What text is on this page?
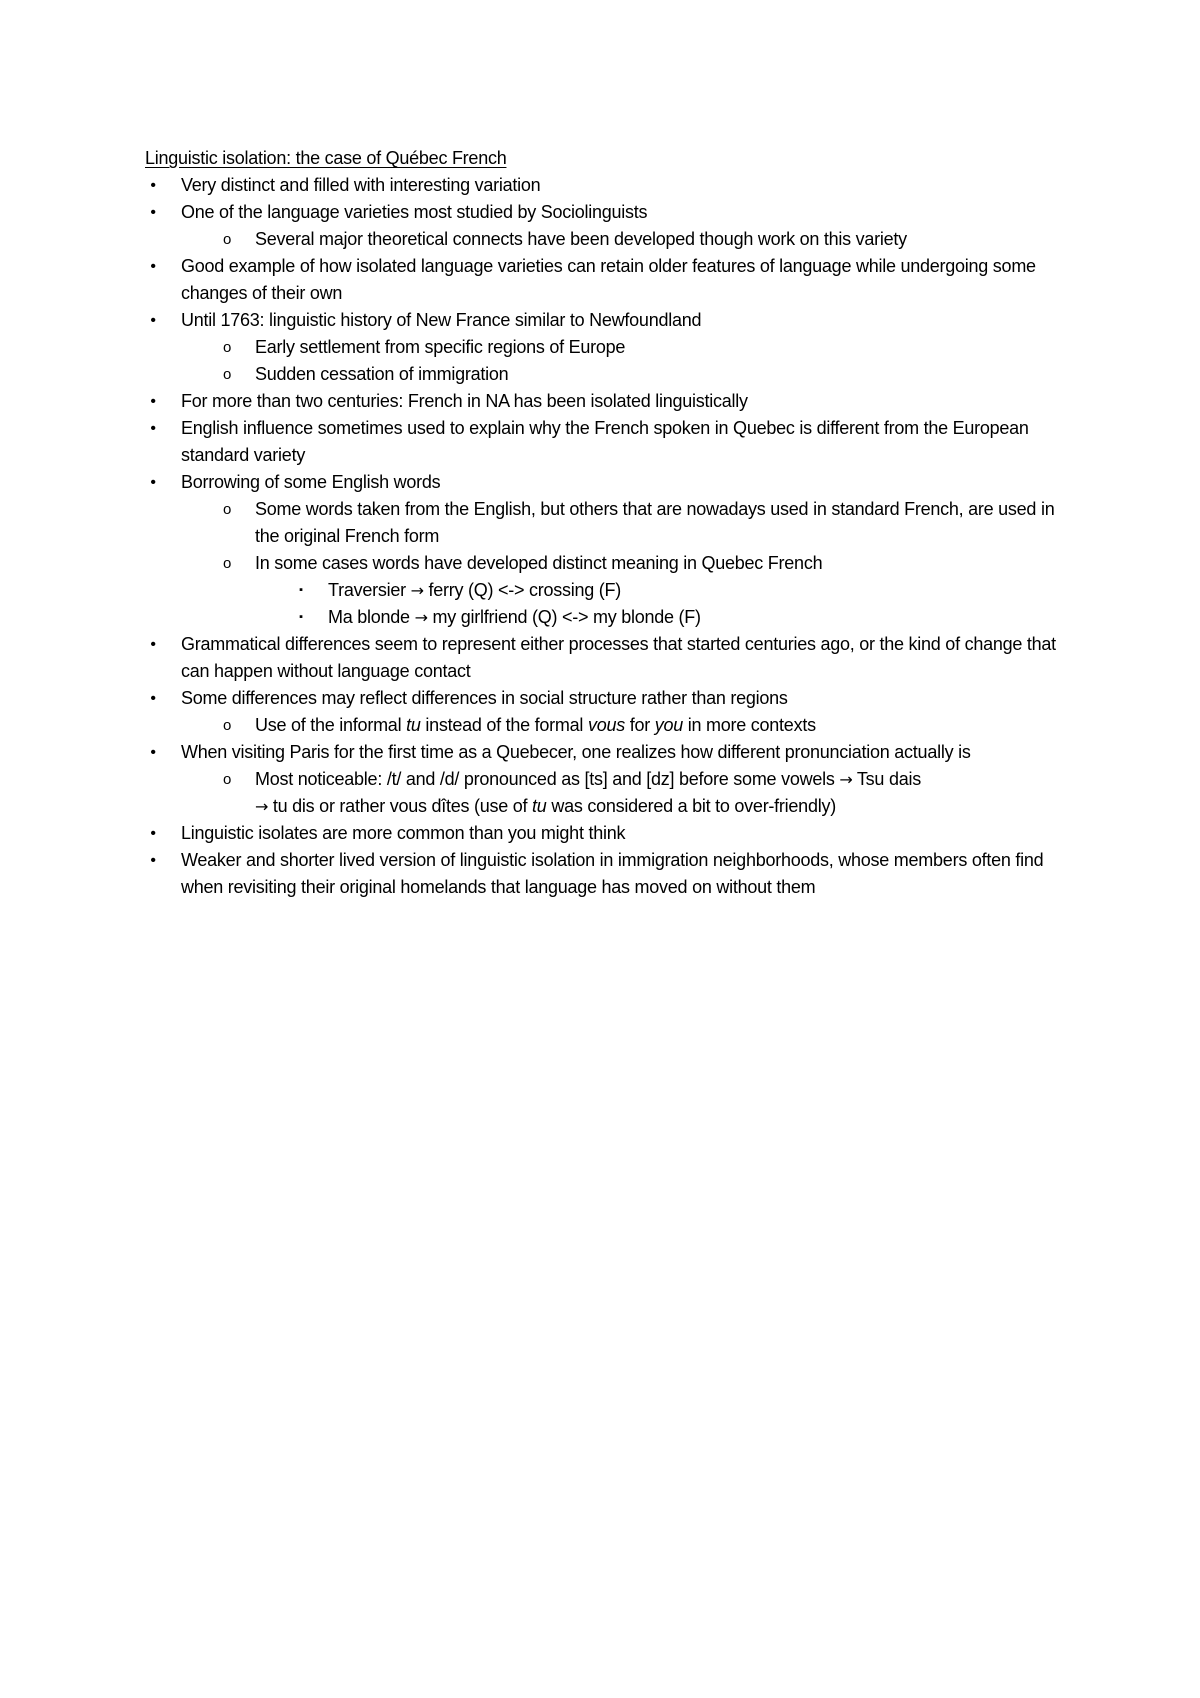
Linguistic isolation: the case of Québec French
•	Very distinct and filled with interesting variation
•	One of the language varieties most studied by Sociolinguists
o	Several major theoretical connects have been developed though work on this variety
•	Good example of how isolated language varieties can retain older features of language while undergoing some changes of their own
•	Until 1763: linguistic history of New France similar to Newfoundland
o	Early settlement from specific regions of Europe
o	Sudden cessation of immigration
•	For more than two centuries: French in NA has been isolated linguistically
•	English influence sometimes used to explain why the French spoken in Quebec is different from the European standard variety
•	Borrowing of some English words
o	Some words taken from the English, but others that are nowadays used in standard French, are used in the original French form
o	In some cases words have developed distinct meaning in Quebec French
▪	Traversier → ferry (Q) <-> crossing (F)
▪	Ma blonde → my girlfriend (Q) <-> my blonde (F)
•	Grammatical differences seem to represent either processes that started centuries ago, or the kind of change that can happen without language contact
•	Some differences may reflect differences in social structure rather than regions
o	Use of the informal tu instead of the formal vous for you in more contexts
•	When visiting Paris for the first time as a Quebecer, one realizes how different pronunciation actually is
o	Most noticeable: /t/ and /d/ pronounced as [ts] and [dz] before some vowels → Tsu dais
→ tu dis or rather vous dîtes (use of tu was considered a bit to over-friendly)
•	Linguistic isolates are more common than you might think
•	Weaker and shorter lived version of linguistic isolation in immigration neighborhoods, whose members often find when revisiting their original homelands that language has moved on without them
